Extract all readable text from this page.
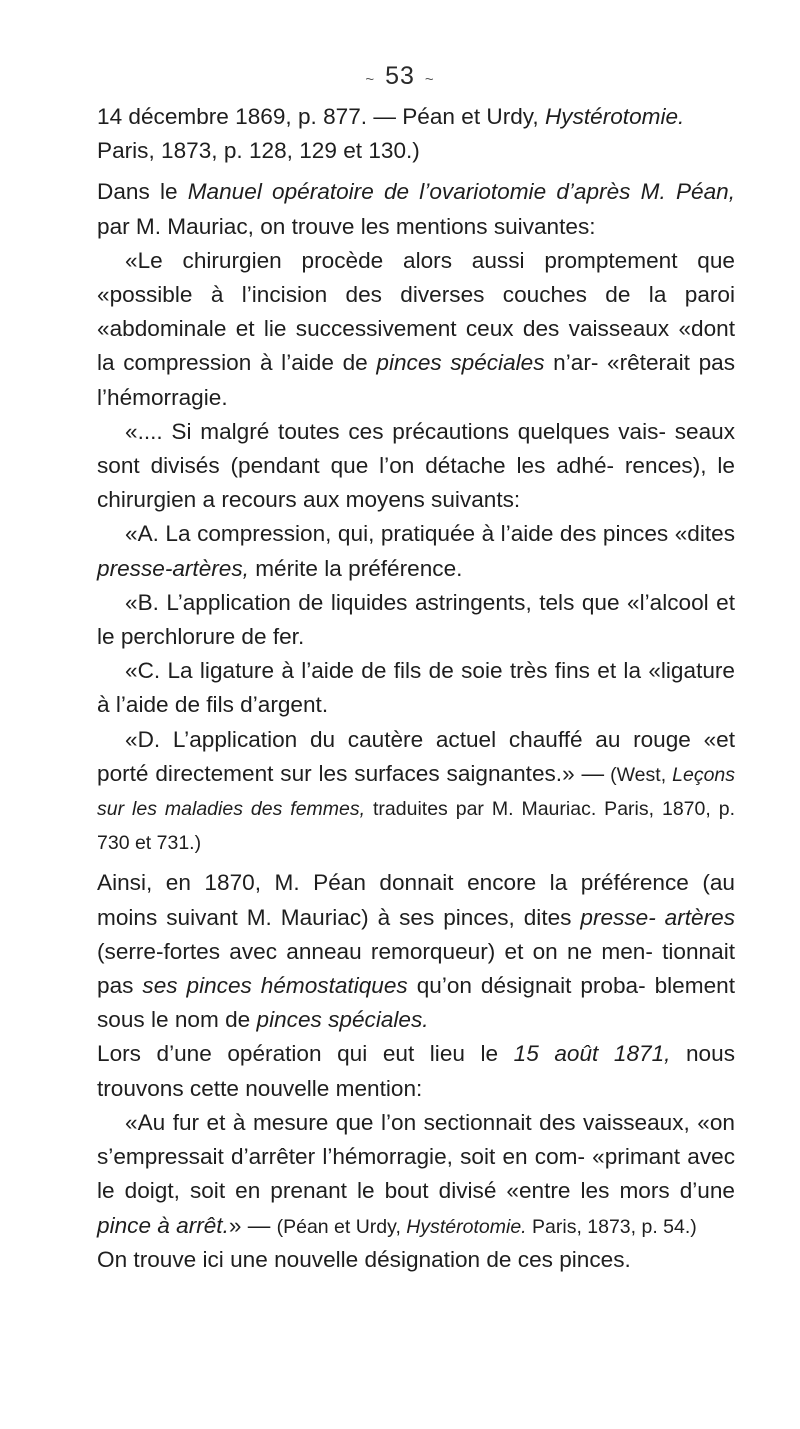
~ 53 ~

14 décembre 1869, p. 877. — Péan et Urdy, Hystérotomie.
Paris, 1873, p. 128, 129 et 130.)

Dans le Manuel opératoire de l’ovariotomie d’après M. Péan, par M. Mauriac, on trouve les mentions suivantes:

«Le chirurgien procède alors aussi promptement que «possible à l’incision des diverses couches de la paroi «abdominale et lie successivement ceux des vaisseaux «dont la compression à l’aide de pinces spéciales n’ar- «rêterait pas l’hémorragie.

«.... Si malgré toutes ces précautions quelques vais- seaux sont divisés (pendant que l’on détache les adhé- rences), le chirurgien a recours aux moyens suivants:

«A. La compression, qui, pratiquée à l’aide des pinces «dites presse-artères, mérite la préférence.

«B. L’application de liquides astringents, tels que «l’alcool et le perchlorure de fer.

«C. La ligature à l’aide de fils de soie très fins et la «ligature à l’aide de fils d’argent.

«D. L’application du cautère actuel chauffé au rouge «et porté directement sur les surfaces saignantes.» — (West, Leçons sur les maladies des femmes, traduites par M. Mauriac. Paris, 1870, p. 730 et 731.)

Ainsi, en 1870, M. Péan donnait encore la préférence (au moins suivant M. Mauriac) à ses pinces, dites presse- artères (serre-fortes avec anneau remorqueur) et on ne men- tionnait pas ses pinces hémostatiques qu’on désignait proba- blement sous le nom de pinces spéciales.

Lors d’une opération qui eut lieu le 15 août 1871, nous trouvons cette nouvelle mention:

«Au fur et à mesure que l’on sectionnait des vaisseaux, «on s’empressait d’arrêter l’hémorragie, soit en com- «primant avec le doigt, soit en prenant le bout divisé «entre les mors d’une pince à arrêt.» — (Péan et Urdy, Hystérotomie. Paris, 1873, p. 54.)

On trouve ici une nouvelle désignation de ces pinces.
